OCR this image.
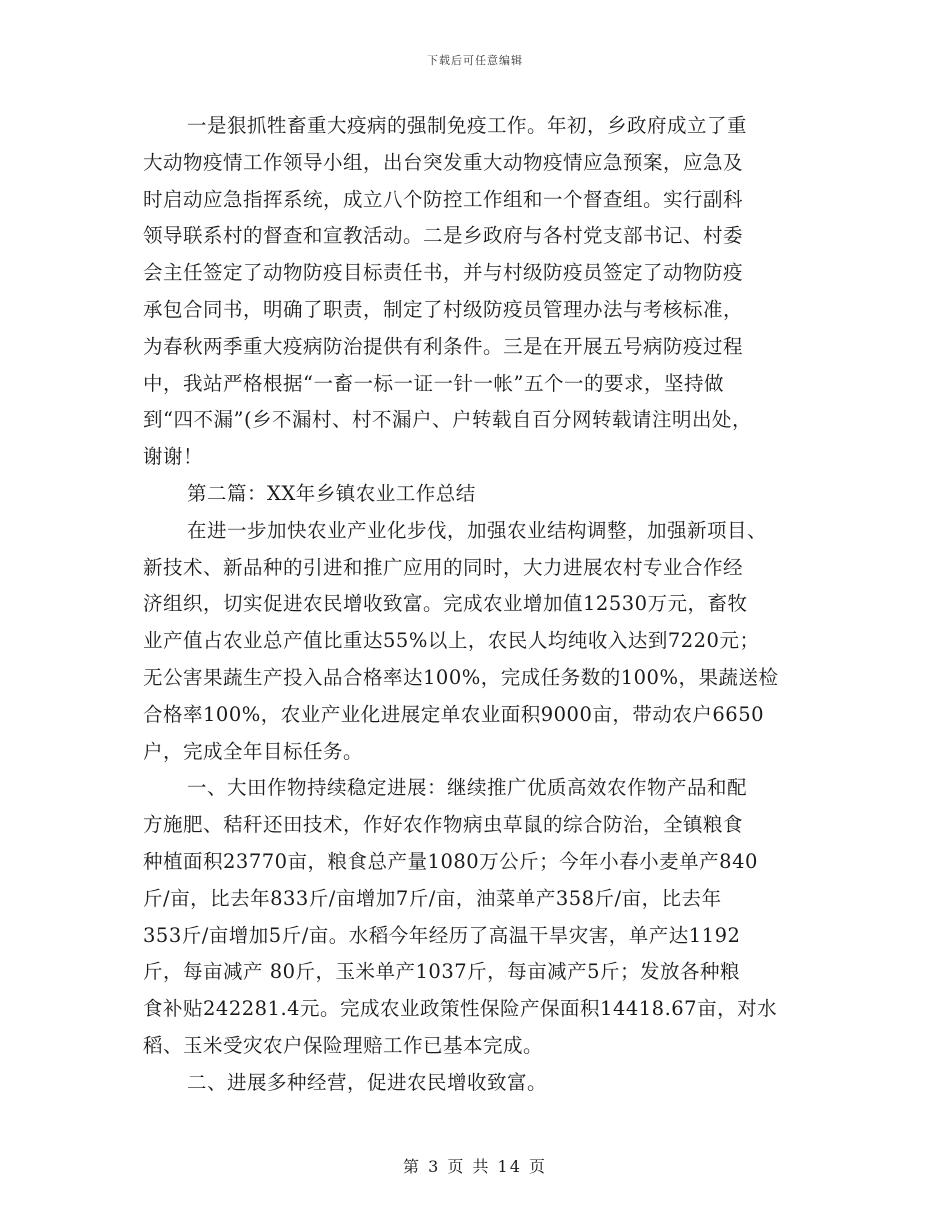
下载后可任意编辑
一是狠抓牲畜重大疫病的强制免疫工作。年初，乡政府成立了重
大动物疫情工作领导小组，出台突发重大动物疫情应急预案，应急及
时启动应急指挥系统，成立八个防控工作组和一个督查组。实行副科
领导联系村的督查和宣教活动。二是乡政府与各村党支部书记、村委
会主任签定了动物防疫目标责任书，并与村级防疫员签定了动物防疫
承包合同书，明确了职责，制定了村级防疫员管理办法与考核标准，
为春秋两季重大疫病防治提供有利条件。三是在开展五号病防疫过程
中，我站严格根据“一畜一标一证一针一帐”五个一的要求，坚持做
到“四不漏”(乡不漏村、村不漏户、户转载自百分网转载请注明出处，
谢谢！
第二篇：XX年乡镇农业工作总结
在进一步加快农业产业化步伐，加强农业结构调整，加强新项目、
新技术、新品种的引进和推广应用的同时，大力进展农村专业合作经
济组织，切实促进农民增收致富。完成农业增加值12530万元，畜牧
业产值占农业总产值比重达55%以上，农民人均纯收入达到7220元；
无公害果蔬生产投入品合格率达100%，完成任务数的100%，果蔬送检
合格率100%，农业产业化进展定单农业面积9000亩，带动农户6650
户，完成全年目标任务。
一、大田作物持续稳定进展：继续推广优质高效农作物产品和配
方施肥、秸秆还田技术，作好农作物病虫草鼠的综合防治，全镇粮食
种植面积23770亩，粮食总产量1080万公斤；今年小春小麦单产840
斤/亩，比去年833斤/亩增加7斤/亩，油菜单产358斤/亩，比去年
353斤/亩增加5斤/亩。水稻今年经历了高温干旱灾害，单产达1192
斤，每亩减产 80斤，玉米单产1037斤，每亩减产5斤；发放各种粮
食补贴242281.4元。完成农业政策性保险产保面积14418.67亩，对水
稻、玉米受灾农户保险理赔工作已基本完成。
二、进展多种经营，促进农民增收致富。
第 3 页 共 14 页
